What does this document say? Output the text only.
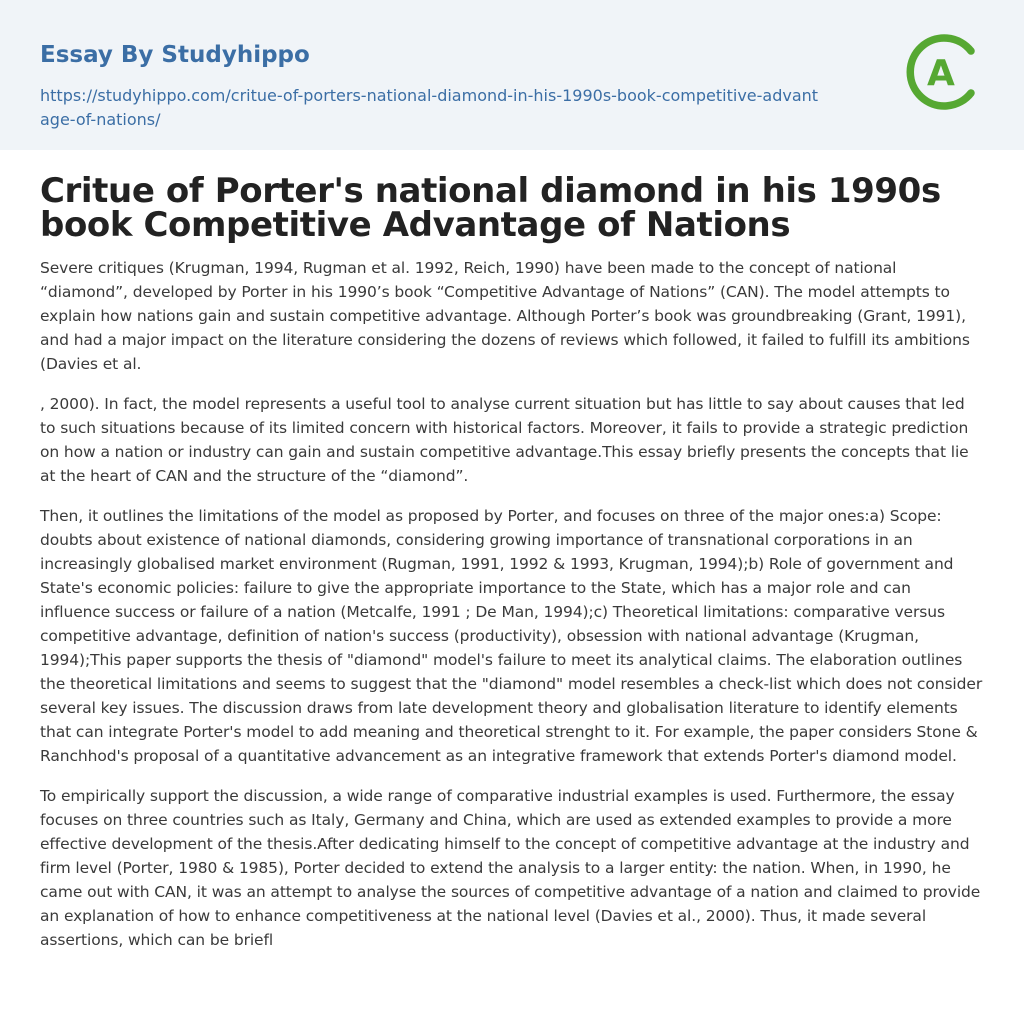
Essay By Studyhippo
https://studyhippo.com/critue-of-porters-national-diamond-in-his-1990s-book-competitive-advantage-of-nations/
A
Critue of Porter's national diamond in his 1990s book Competitive Advantage of Nations

Severe critiques (Krugman, 1994, Rugman et al. 1992, Reich, 1990) have been made to the concept of national “diamond”, developed by Porter in his 1990’s book “Competitive Advantage of Nations” (CAN). The model attempts to explain how nations gain and sustain competitive advantage. Although Porter’s book was groundbreaking (Grant, 1991), and had a major impact on the literature considering the dozens of reviews which followed, it failed to fulfill its ambitions (Davies et al.

, 2000). In fact, the model represents a useful tool to analyse current situation but has little to say about causes that led to such situations because of its limited concern with historical factors. Moreover, it fails to provide a strategic prediction on how a nation or industry can gain and sustain competitive advantage.This essay briefly presents the concepts that lie at the heart of CAN and the structure of the “diamond”.

Then, it outlines the limitations of the model as proposed by Porter, and focuses on three of the major ones:a) Scope: doubts about existence of national diamonds, considering growing importance of transnational corporations in an increasingly globalised market environment (Rugman, 1991, 1992 & 1993, Krugman, 1994);b) Role of government and State's economic policies: failure to give the appropriate importance to the State, which has a major role and can influence success or failure of a nation (Metcalfe, 1991 ; De Man, 1994);c) Theoretical limitations: comparative versus competitive advantage, definition of nation's success (productivity), obsession with national advantage (Krugman, 1994);This paper supports the thesis of "diamond" model's failure to meet its analytical claims. The elaboration outlines the theoretical limitations and seems to suggest that the "diamond" model resembles a check-list which does not consider several key issues. The discussion draws from late development theory and globalisation literature to identify elements that can integrate Porter's model to add meaning and theoretical strenght to it. For example, the paper considers Stone & Ranchhod's proposal of a quantitative advancement as an integrative framework that extends Porter's diamond model.

To empirically support the discussion, a wide range of comparative industrial examples is used. Furthermore, the essay focuses on three countries such as Italy, Germany and China, which are used as extended examples to provide a more effective development of the thesis.After dedicating himself to the concept of competitive advantage at the industry and firm level (Porter, 1980 & 1985), Porter decided to extend the analysis to a larger entity: the nation. When, in 1990, he came out with CAN, it was an attempt to analyse the sources of competitive advantage of a nation and claimed to provide an explanation of how to enhance competitiveness at the national level (Davies et al., 2000). Thus, it made several assertions, which can be briefl
